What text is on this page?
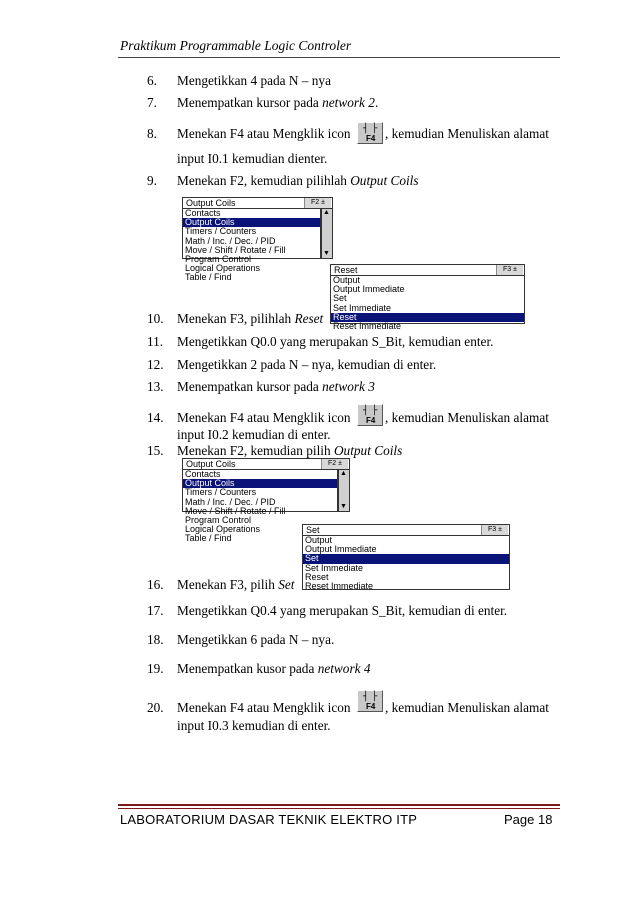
Praktikum Programmable Logic Controler
6. Mengetikkan 4 pada N – nya
7. Menempatkan kursor pada network 2.
8. Menekan F4 atau Mengklik icon ┤ ├
F4 , kemudian Menuliskan alamat
input I0.1 kemudian dienter.
9. Menekan F2, kemudian pilihlah Output Coils
Output Coils	F2 ±
Contacts
Output Coils
Timers / Counters
Math / Inc. / Dec. / PID
Move / Shift / Rotate / Fill
Program Control
Logical Operations
Table / Find
▲
▼
Reset	F3 ±
Output
Output Immediate
Set
Set Immediate
Reset
Reset Immediate
10. Menekan F3, pilihlah Reset
11. Mengetikkan Q0.0 yang merupakan S_Bit, kemudian enter.
12. Mengetikkan 2 pada N – nya, kemudian di enter.
13. Menempatkan kursor pada network 3
14. Menekan F4 atau Mengklik icon ┤ ├
F4 , kemudian Menuliskan alamat
input I0.2 kemudian di enter.
15. Menekan F2, kemudian pilih Output Coils
Output Coils	F2 ±
Contacts
Output Coils
Timers / Counters
Math / Inc. / Dec. / PID
Move / Shift / Rotate / Fill
Program Control
Logical Operations
Table / Find
▲
▼
Set	F3 ±
Output
Output Immediate
Set
Set Immediate
Reset
Reset Immediate
16. Menekan F3, pilih Set
17. Mengetikkan Q0.4 yang merupakan S_Bit, kemudian di enter.
18. Mengetikkan 6 pada N – nya.
19. Menempatkan kusor pada network 4
20. Menekan F4 atau Mengklik icon
┤ ├
F4 , kemudian Menuliskan alamat
input I0.3 kemudian di enter.
LABORATORIUM DASAR TEKNIK ELEKTRO ITP	Page 18
